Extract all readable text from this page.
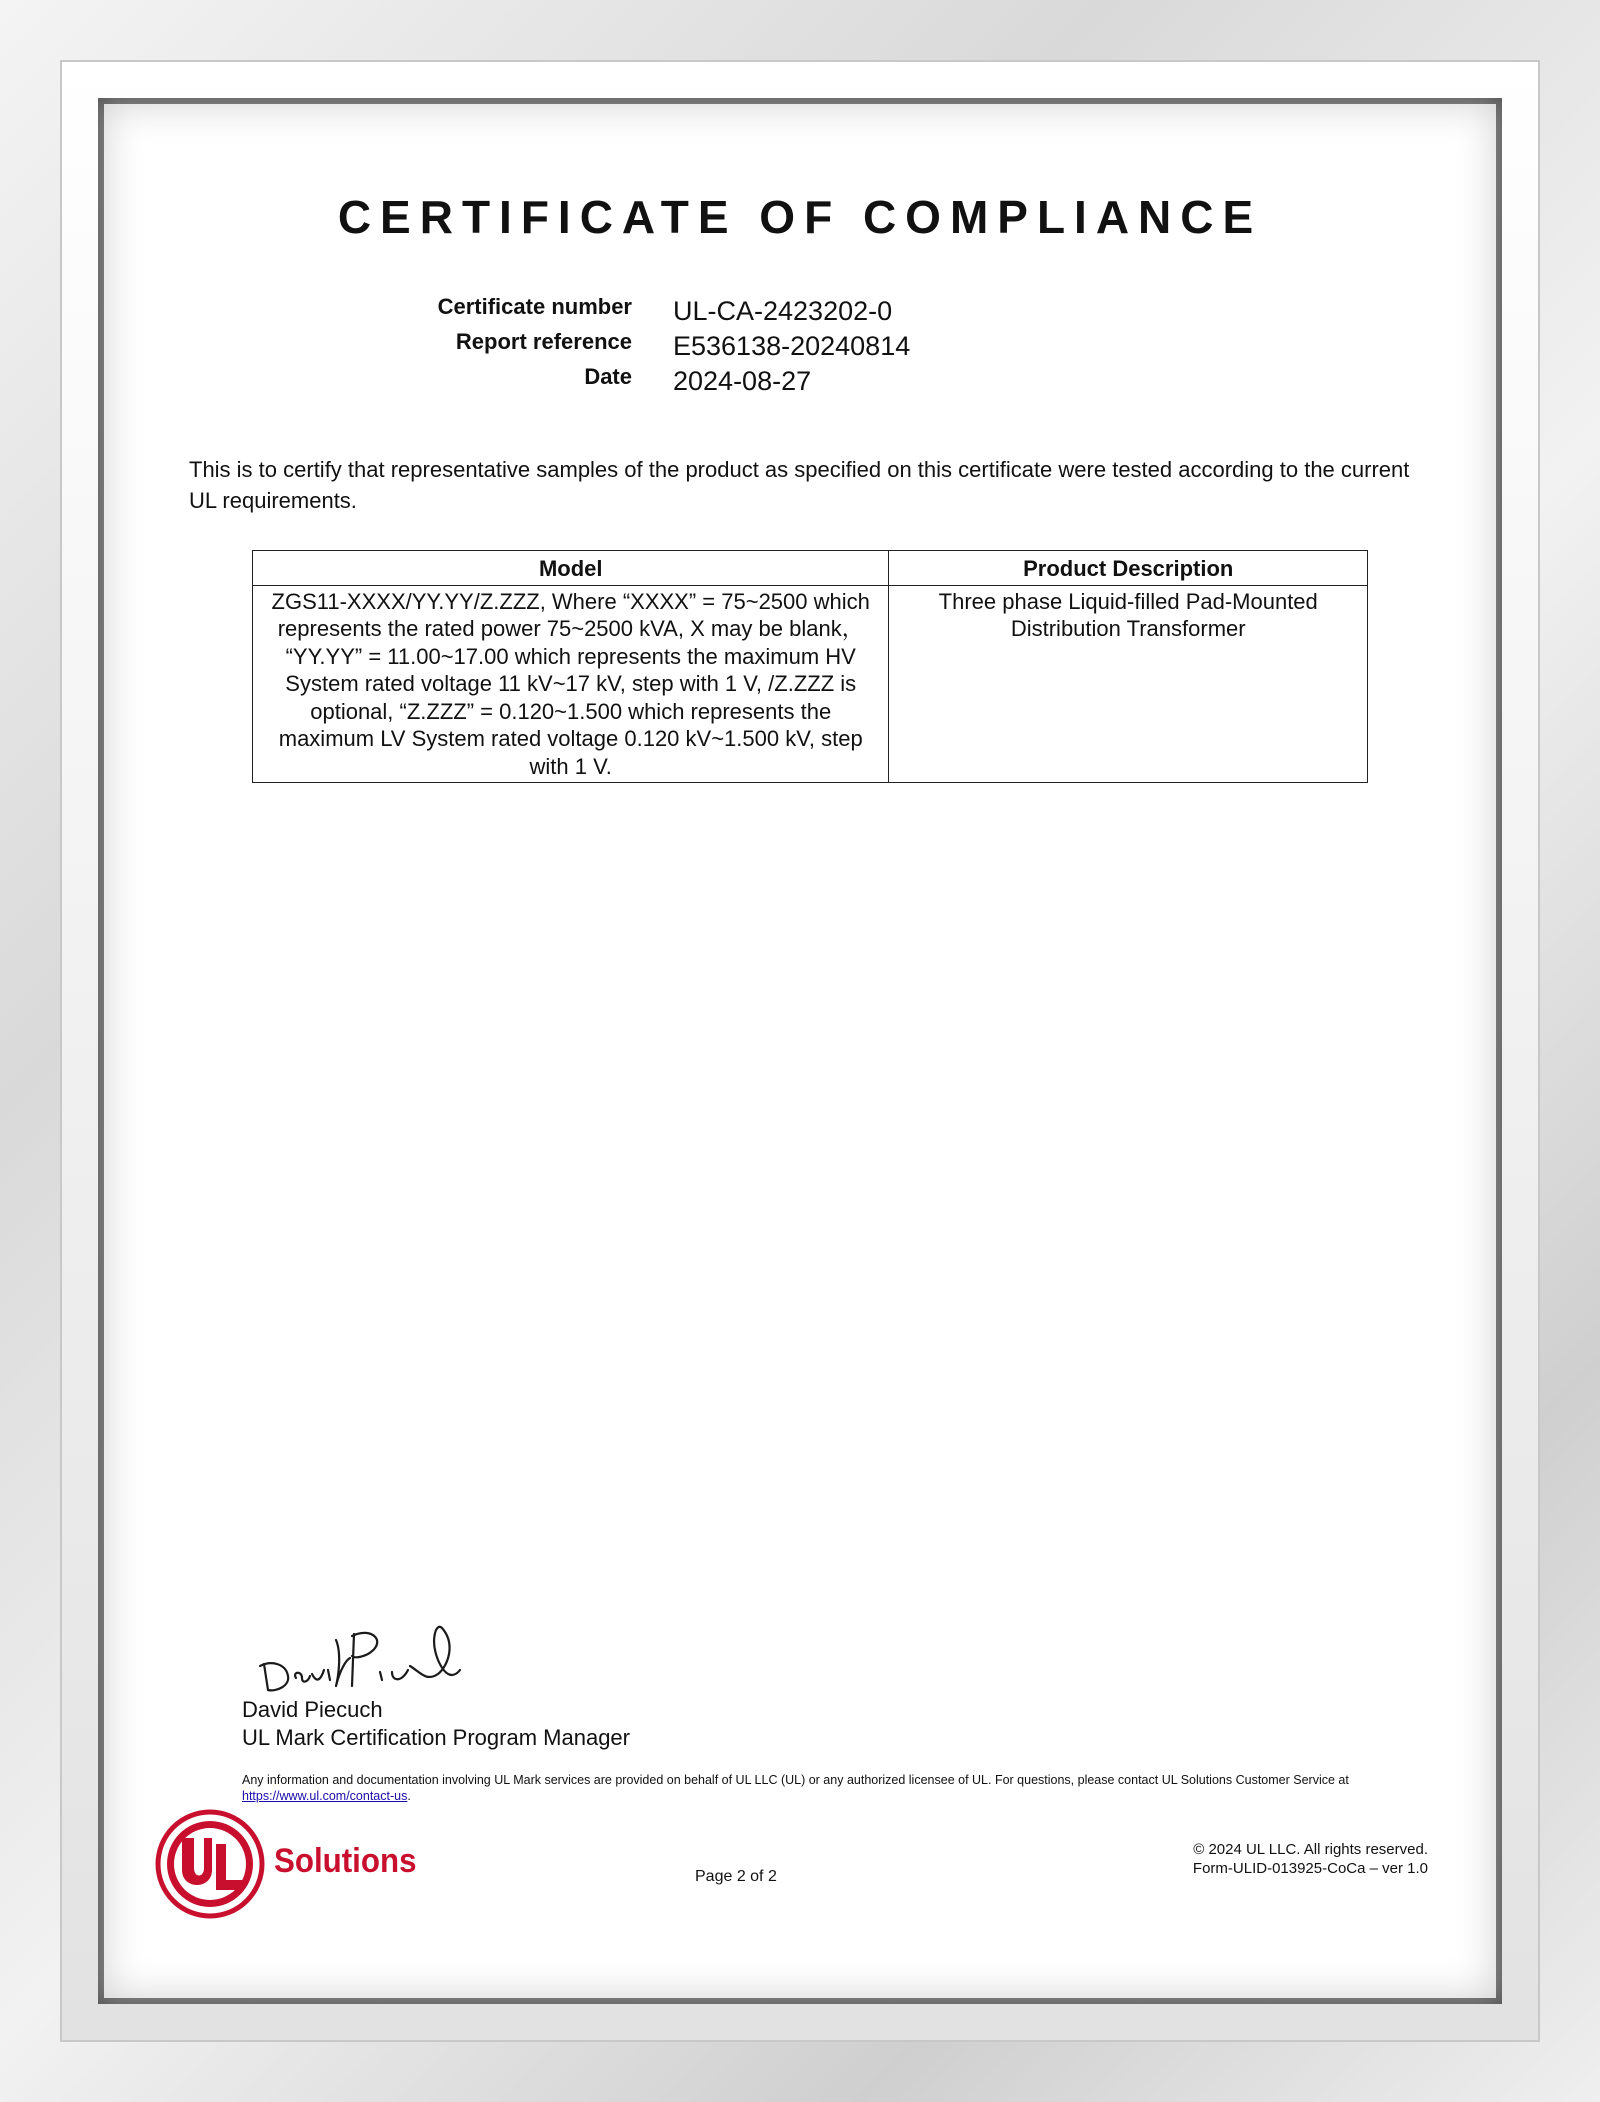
CERTIFICATE OF COMPLIANCE
Certificate number UL-CA-2423202-0
Report reference E536138-20240814
Date 2024-08-27
This is to certify that representative samples of the product as specified on this certificate were tested according to the current UL requirements.
Model	Product Description
ZGS11-XXXX/YY.YY/Z.ZZZ, Where “XXXX” = 75~2500 which represents the rated power 75~2500 kVA, X may be blank， “YY.YY” = 11.00~17.00 which represents the maximum HV System rated voltage 11 kV~17 kV, step with 1 V, /Z.ZZZ is optional, “Z.ZZZ” = 0.120~1.500 which represents the maximum LV System rated voltage 0.120 kV~1.500 kV, step with 1 V.	Three phase Liquid-filled Pad-Mounted Distribution Transformer
David Piecuch
UL Mark Certification Program Manager
Any information and documentation involving UL Mark services are provided on behalf of UL LLC (UL) or any authorized licensee of UL. For questions, please contact UL Solutions Customer Service at https://www.ul.com/contact-us.
Solutions	Page 2 of 2
© 2024 UL LLC. All rights reserved.
Form-ULID-013925-CoCa – ver 1.0
